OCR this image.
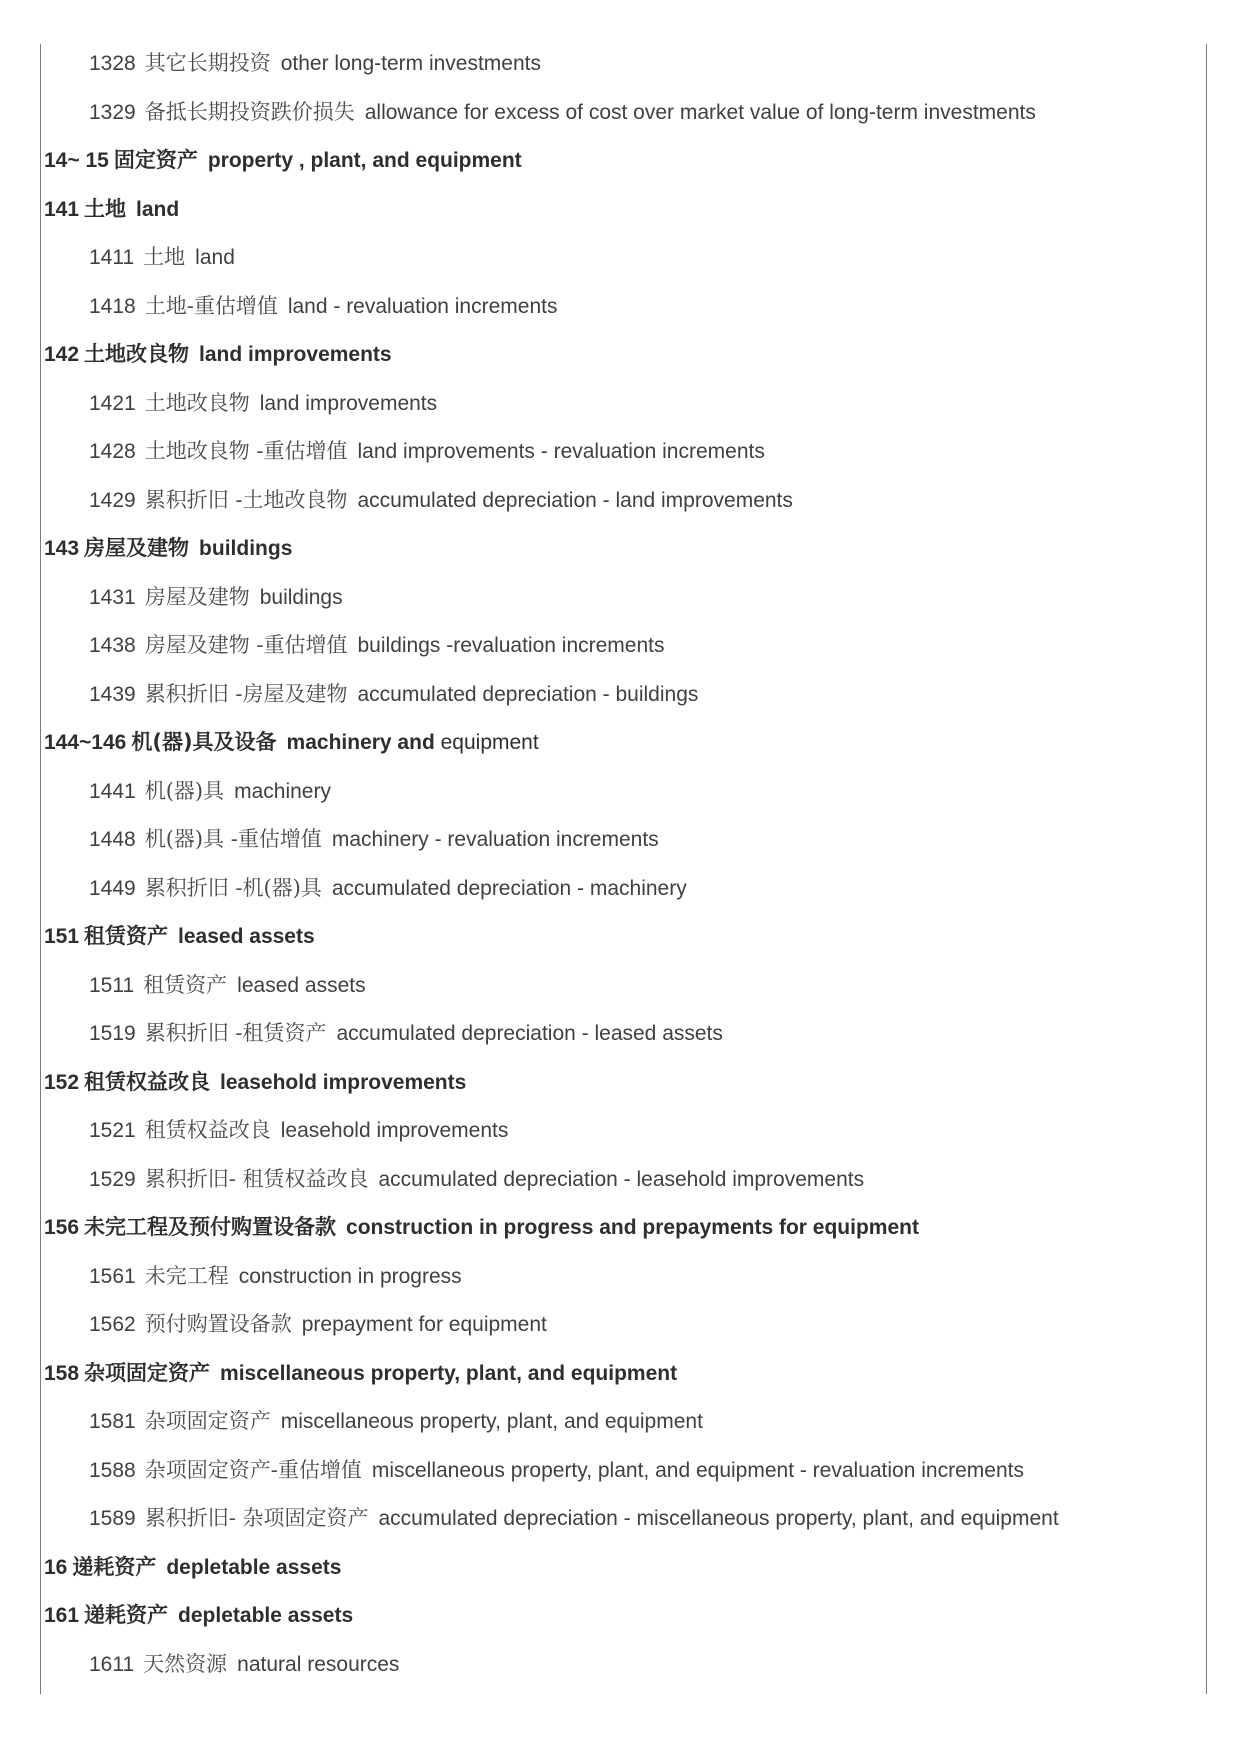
1328 其它长期投资 other long-term investments
1329 备抵长期投资跌价损失 allowance for excess of cost over market value of long-term investments
14~ 15 固定资产 property , plant, and equipment
141 土地 land
1411 土地 land
1418 土地-重估增值 land - revaluation increments
142 土地改良物 land improvements
1421 土地改良物 land improvements
1428 土地改良物 -重估增值 land improvements - revaluation increments
1429 累积折旧 -土地改良物 accumulated depreciation - land improvements
143 房屋及建物 buildings
1431 房屋及建物 buildings
1438 房屋及建物 -重估增值 buildings -revaluation increments
1439 累积折旧 -房屋及建物 accumulated depreciation - buildings
144~146 机(器)具及设备 machinery and equipment
1441 机(器)具 machinery
1448 机(器)具 -重估增值 machinery - revaluation increments
1449 累积折旧 -机(器)具 accumulated depreciation - machinery
151 租赁资产 leased assets
1511 租赁资产 leased assets
1519 累积折旧 -租赁资产 accumulated depreciation - leased assets
152 租赁权益改良 leasehold improvements
1521 租赁权益改良 leasehold improvements
1529 累积折旧- 租赁权益改良 accumulated depreciation - leasehold improvements
156 未完工程及预付购置设备款 construction in progress and prepayments for equipment
1561 未完工程 construction in progress
1562 预付购置设备款 prepayment for equipment
158 杂项固定资产 miscellaneous property, plant, and equipment
1581 杂项固定资产 miscellaneous property, plant, and equipment
1588 杂项固定资产-重估增值 miscellaneous property, plant, and equipment - revaluation increments
1589 累积折旧- 杂项固定资产 accumulated depreciation - miscellaneous property, plant, and equipment
16 递耗资产 depletable assets
161 递耗资产 depletable assets
1611 天然资源 natural resources
